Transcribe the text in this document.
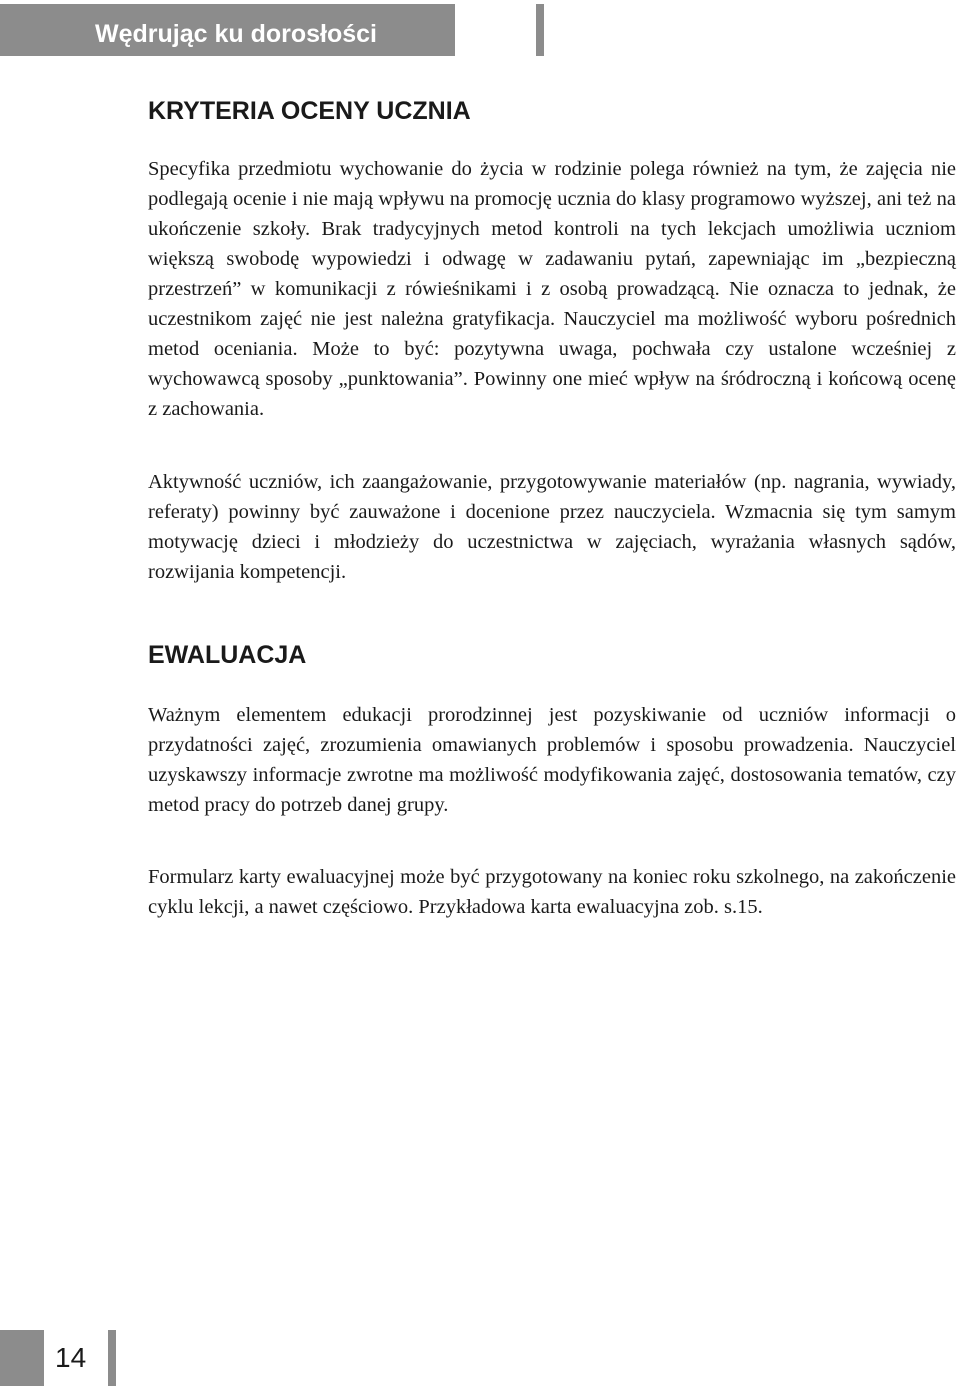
Wędrując ku dorosłości
KRYTERIA OCENY UCZNIA

Specyfika przedmiotu wychowanie do życia w rodzinie polega również na tym, że zajęcia nie podlegają ocenie i nie mają wpływu na promocję ucznia do klasy programowo wyższej, ani też na ukończenie szkoły. Brak tradycyjnych metod kontroli na tych lekcjach umożliwia uczniom większą swobodę wypowiedzi i odwagę w zadawaniu pytań, zapewniając im „bezpieczną przestrzeń” w komunikacji z rówieśnikami i z osobą prowadzącą. Nie oznacza to jednak, że uczestnikom zajęć nie jest należna gratyfikacja. Nauczyciel ma możliwość wyboru pośrednich metod oceniania. Może to być: pozytywna uwaga, pochwała czy ustalone wcześniej z wychowawcą sposoby „punktowania”. Powinny one mieć wpływ na śródroczną i końcową ocenę z zachowania.

Aktywność uczniów, ich zaangażowanie, przygotowywanie materiałów (np. nagrania, wywiady, referaty) powinny być zauważone i docenione przez nauczyciela. Wzmacnia się tym samym motywację dzieci i młodzieży do uczestnictwa w zajęciach, wyrażania własnych sądów, rozwijania kompetencji.

EWALUACJA

Ważnym elementem edukacji prorodzinnej jest pozyskiwanie od uczniów informacji o przydatności zajęć, zrozumienia omawianych problemów i sposobu prowadzenia. Nauczyciel uzyskawszy informacje zwrotne ma możliwość modyfikowania zajęć, dostosowania tematów, czy metod pracy do potrzeb danej grupy.

Formularz karty ewaluacyjnej może być przygotowany na koniec roku szkolnego, na zakończenie cyklu lekcji, a nawet częściowo. Przykładowa karta ewaluacyjna zob. s.15.

14
